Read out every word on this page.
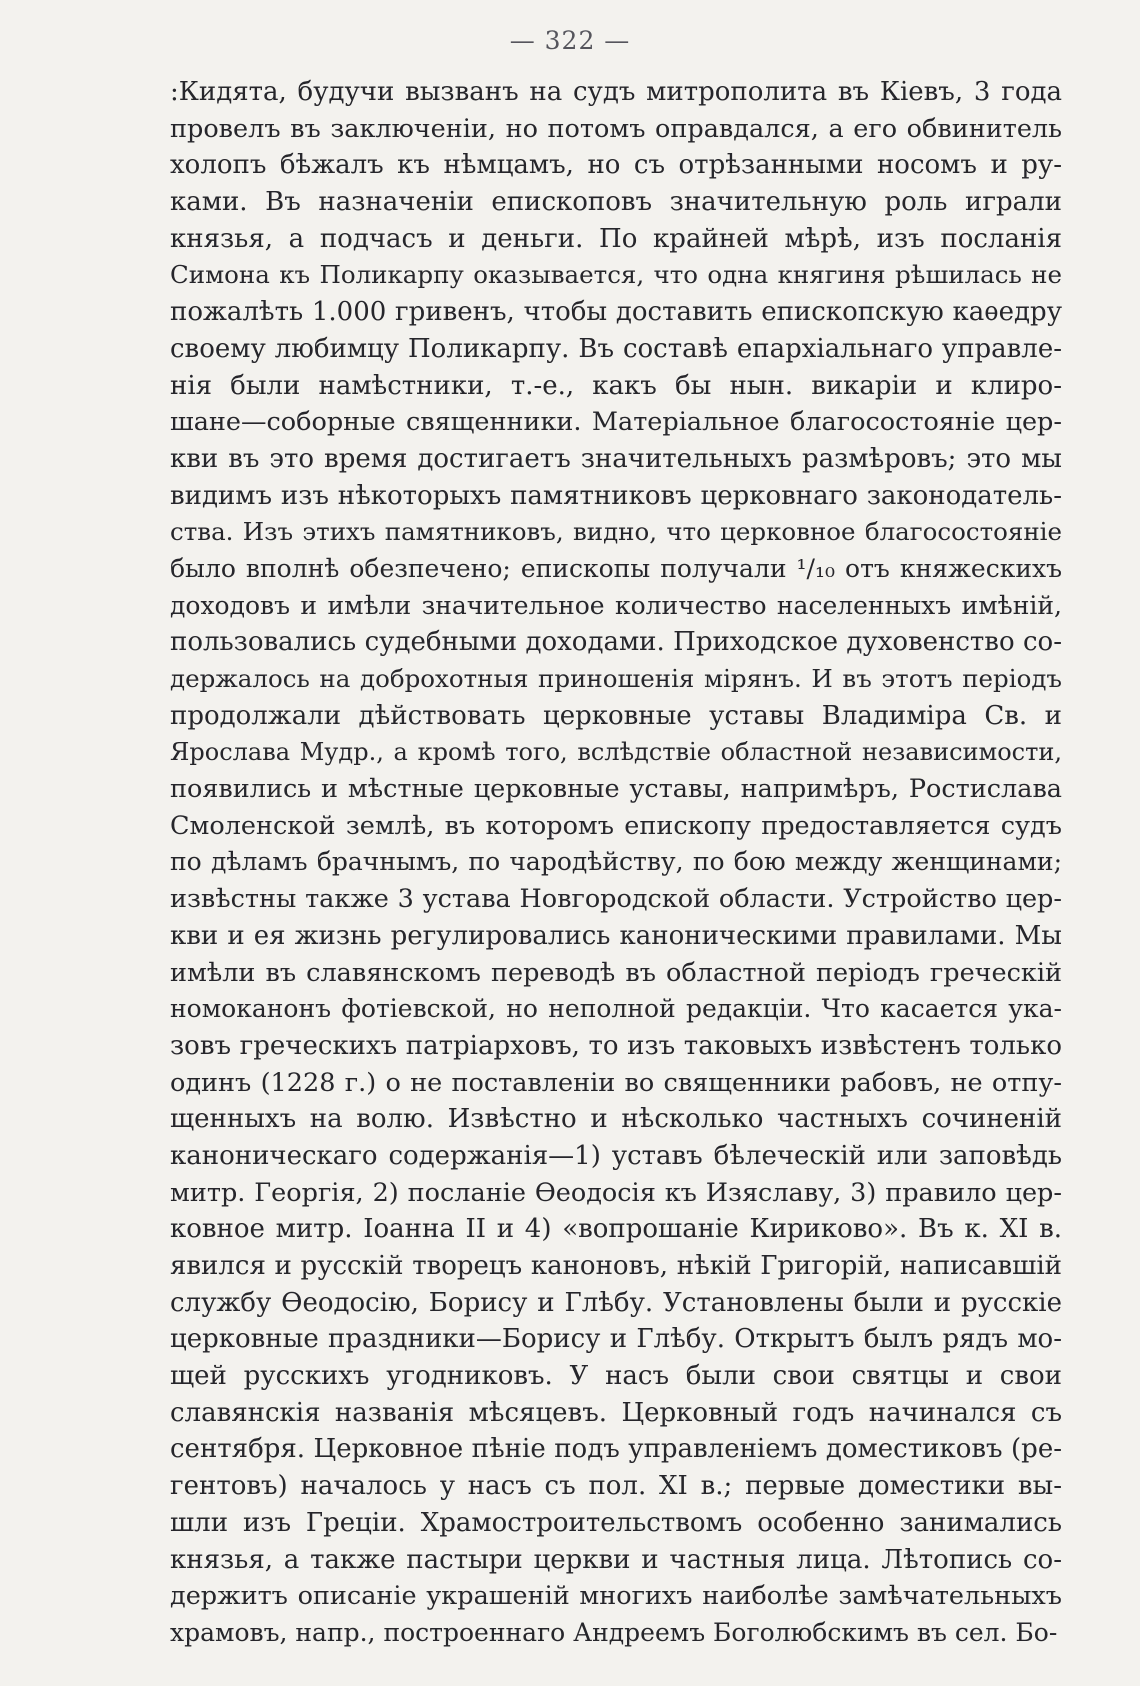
— 322 —
:Кидята, будучи вызванъ на судъ митрополита въ Кіевъ, 3 года
провелъ въ заключеніи, но потомъ оправдался, а его обвинитель
холопъ бѣжалъ къ нѣмцамъ, но съ отрѣзанными носомъ и ру-
ками. Въ назначеніи епископовъ значительную роль играли
князья, а подчасъ и деньги. По крайней мѣрѣ, изъ посланія
Симона къ Поликарпу оказывается, что одна княгиня рѣшилась не
пожалѣть 1.000 гривенъ, чтобы доставить епископскую каѳедру
своему любимцу Поликарпу. Въ составѣ епархіальнаго управле-
нія были намѣстники, т.-е., какъ бы нын. викаріи и клиро-
шане—соборные священники. Матеріальное благосостояніе цер-
кви въ это время достигаетъ значительныхъ размѣровъ; это мы
видимъ изъ нѣкоторыхъ памятниковъ церковнаго законодатель-
ства. Изъ этихъ памятниковъ, видно, что церковное благосостояніе
было вполнѣ обезпечено; епископы получали ¹/₁₀ отъ княжескихъ
доходовъ и имѣли значительное количество населенныхъ имѣній,
пользовались судебными доходами. Приходское духовенство со-
держалось на доброхотныя приношенія мірянъ. И въ этотъ періодъ
продолжали дѣйствовать церковные уставы Владиміра Св. и
Ярослава Мудр., а кромѣ того, вслѣдствіе областной независимости,
появились и мѣстные церковные уставы, напримѣръ, Ростислава
Смоленской землѣ, въ которомъ епископу предоставляется судъ
по дѣламъ брачнымъ, по чародѣйству, по бою между женщинами;
извѣстны также 3 устава Новгородской области. Устройство цер-
кви и ея жизнь регулировались каноническими правилами. Мы
имѣли въ славянскомъ переводѣ въ областной періодъ греческій
номоканонъ фотіевской, но неполной редакціи. Что касается ука-
зовъ греческихъ патріарховъ, то изъ таковыхъ извѣстенъ только
одинъ (1228 г.) о не поставленіи во священники рабовъ, не отпу-
щенныхъ на волю. Извѣстно и нѣсколько частныхъ сочиненій
каноническаго содержанія—1) уставъ бѣлеческій или заповѣдь
митр. Георгія, 2) посланіе Ѳеодосія къ Изяславу, 3) правило цер-
ковное митр. Іоанна II и 4) «вопрошаніе Кириково». Въ к. XI в.
явился и русскій творецъ каноновъ, нѣкій Григорій, написавшій
службу Ѳеодосію, Борису и Глѣбу. Установлены были и русскіе
церковные праздники—Борису и Глѣбу. Открытъ былъ рядъ мо-
щей русскихъ угодниковъ. У насъ были свои святцы и свои
славянскія названія мѣсяцевъ. Церковный годъ начинался съ
сентября. Церковное пѣніе подъ управленіемъ доместиковъ (ре-
гентовъ) началось у насъ съ пол. XI в.; первые доместики вы-
шли изъ Греціи. Храмостроительствомъ особенно занимались
князья, а также пастыри церкви и частныя лица. Лѣтопись со-
держитъ описаніе украшеній многихъ наиболѣе замѣчательныхъ
храмовъ, напр., построеннаго Андреемъ Боголюбскимъ въ сел. Бо-
